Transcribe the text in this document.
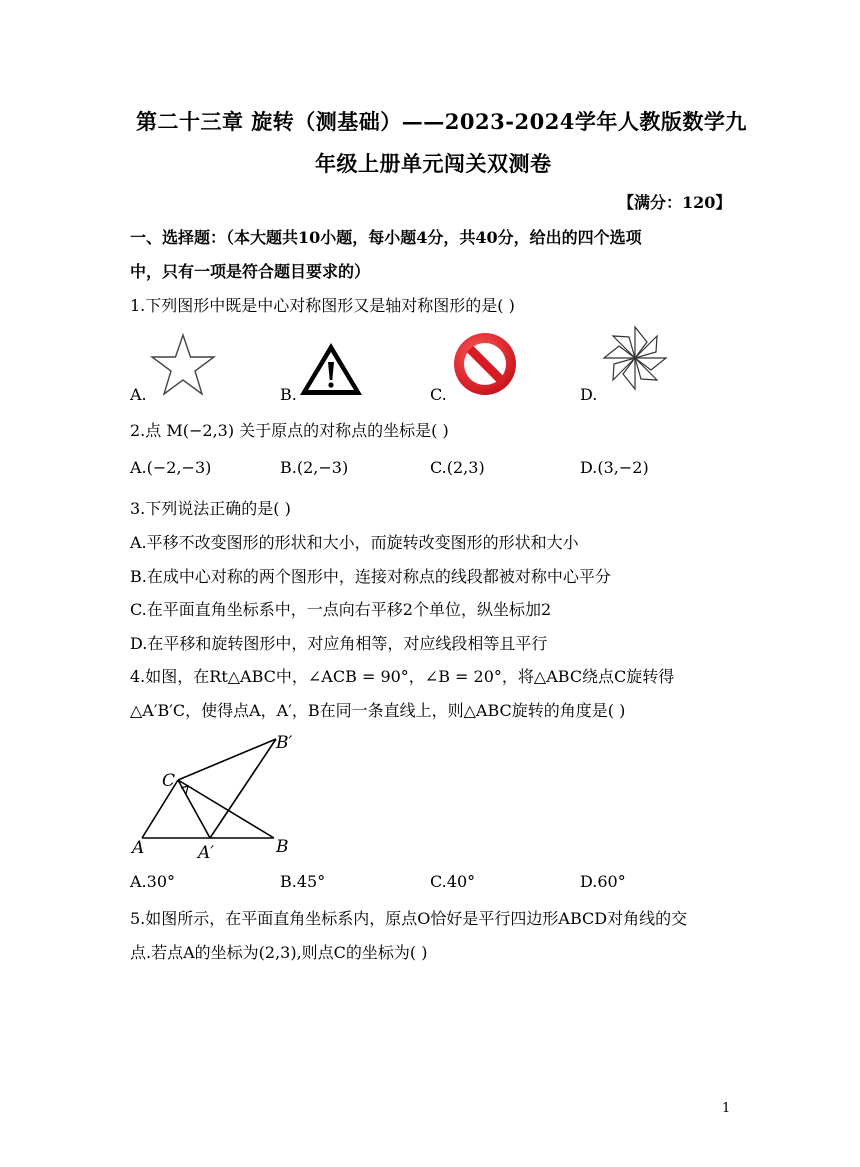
第二十三章 旋转（测基础）——2023-2024学年人教版数学九
年级上册单元闯关双测卷
【满分：120】
一、选择题：（本大题共10小题，每小题4分，共40分，给出的四个选项
中，只有一项是符合题目要求的）
1.下列图形中既是中心对称图形又是轴对称图形的是( )
A.	B.	C.	D.
2.点 M(−2,3) 关于原点的对称点的坐标是( )
A.(−2,−3)	B.(2,−3)	C.(2,3)	D.(3,−2)
3.下列说法正确的是( )
A.平移不改变图形的形状和大小，而旋转改变图形的形状和大小
B.在成中心对称的两个图形中，连接对称点的线段都被对称中心平分
C.在平面直角坐标系中，一点向右平移2个单位，纵坐标加2
D.在平移和旋转图形中，对应角相等，对应线段相等且平行
4.如图，在Rt△ABC中，∠ACB = 90°，∠B = 20°，将△ABC绕点C旋转得
△A′B′C，使得点A，A′，B在同一条直线上，则△ABC旋转的角度是( )
A	A′	B
B′
C
A.30°	B.45°	C.40°	D.60°
5.如图所示，在平面直角坐标系内，原点O恰好是平行四边形ABCD对角线的交
点.若点A的坐标为(2,3),则点C的坐标为( )
1
